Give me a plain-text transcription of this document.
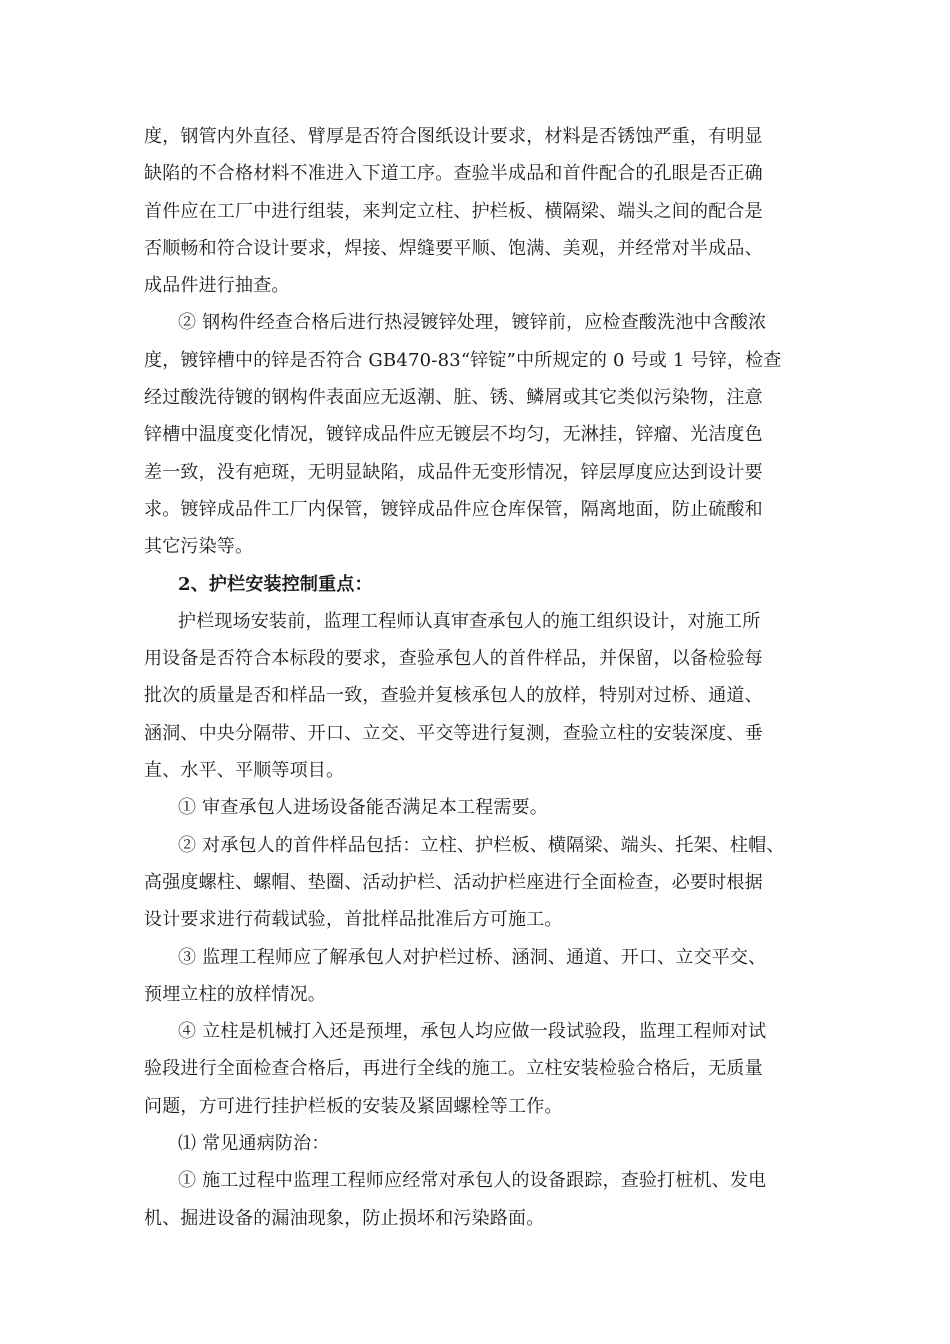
度，钢管内外直径、臂厚是否符合图纸设计要求，材料是否锈蚀严重，有明显
缺陷的不合格材料不准进入下道工序。查验半成品和首件配合的孔眼是否正确
首件应在工厂中进行组装，来判定立柱、护栏板、横隔梁、端头之间的配合是
否顺畅和符合设计要求，焊接、焊缝要平顺、饱满、美观，并经常对半成品、
成品件进行抽查。
② 钢构件经查合格后进行热浸镀锌处理，镀锌前，应检查酸洗池中含酸浓
度，镀锌槽中的锌是否符合 GB470-83“锌锭”中所规定的 0 号或 1 号锌，检查
经过酸洗待镀的钢构件表面应无返潮、脏、锈、鳞屑或其它类似污染物，注意
锌槽中温度变化情况，镀锌成品件应无镀层不均匀，无淋挂，锌瘤、光洁度色
差一致，没有疤斑，无明显缺陷，成品件无变形情况，锌层厚度应达到设计要
求。镀锌成品件工厂内保管，镀锌成品件应仓库保管，隔离地面，防止硫酸和
其它污染等。
2、护栏安装控制重点：
护栏现场安装前，监理工程师认真审查承包人的施工组织设计，对施工所
用设备是否符合本标段的要求，查验承包人的首件样品，并保留，以备检验每
批次的质量是否和样品一致，查验并复核承包人的放样，特别对过桥、通道、
涵洞、中央分隔带、开口、立交、平交等进行复测，查验立柱的安装深度、垂
直、水平、平顺等项目。
① 审查承包人进场设备能否满足本工程需要。
② 对承包人的首件样品包括：立柱、护栏板、横隔梁、端头、托架、柱帽、
高强度螺柱、螺帽、垫圈、活动护栏、活动护栏座进行全面检查，必要时根据
设计要求进行荷载试验，首批样品批准后方可施工。
③ 监理工程师应了解承包人对护栏过桥、涵洞、通道、开口、立交平交、
预埋立柱的放样情况。
④ 立柱是机械打入还是预埋，承包人均应做一段试验段，监理工程师对试
验段进行全面检查合格后，再进行全线的施工。立柱安装检验合格后，无质量
问题，方可进行挂护栏板的安装及紧固螺栓等工作。
⑴ 常见通病防治：
① 施工过程中监理工程师应经常对承包人的设备跟踪，查验打桩机、发电
机、掘进设备的漏油现象，防止损坏和污染路面。
